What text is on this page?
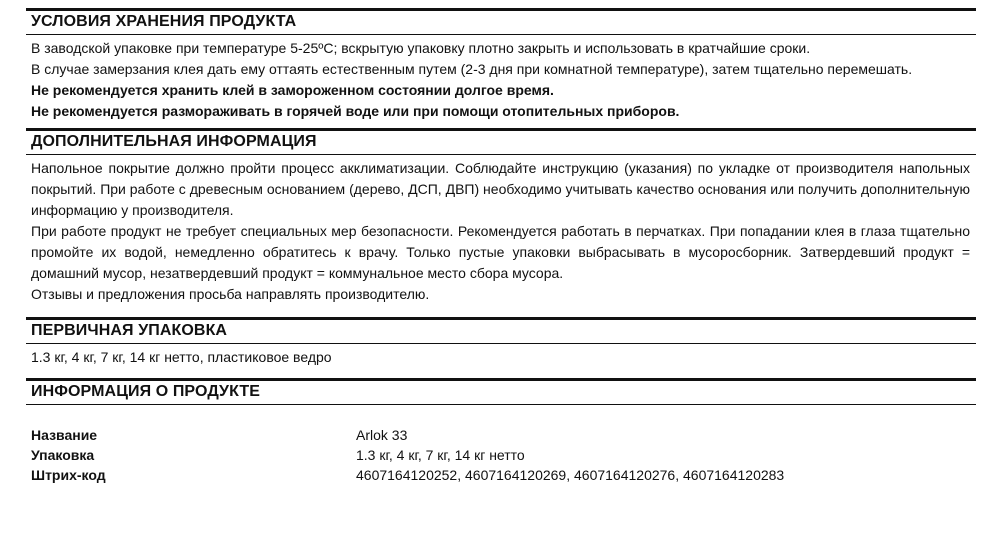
УСЛОВИЯ ХРАНЕНИЯ ПРОДУКТА

В заводской упаковке при температуре 5-25ºC; вскрытую упаковку плотно закрыть и использовать в кратчайшие сроки.

В случае замерзания клея дать ему оттаять естественным путем (2-3 дня при комнатной температуре), затем тщательно перемешать.

Не рекомендуется хранить клей в замороженном состоянии долгое время.

Не рекомендуется размораживать в горячей воде или при помощи отопительных приборов.

ДОПОЛНИТЕЛЬНАЯ ИНФОРМАЦИЯ

Напольное покрытие должно пройти процесс акклиматизации. Соблюдайте инструкцию (указания) по укладке от производителя напольных покрытий. При работе с древесным основанием (дерево, ДСП, ДВП) необходимо учитывать качество основания или получить дополнительную информацию у производителя.

При работе продукт не требует специальных мер безопасности. Рекомендуется работать в перчатках. При попадании клея в глаза тщательно промойте их водой, немедленно обратитесь к врачу. Только пустые упаковки выбрасывать в мусоросборник. Затвердевший продукт = домашний мусор, незатвердевший продукт = коммунальное место сбора мусора.

Отзывы и предложения просьба направлять производителю.

ПЕРВИЧНАЯ УПАКОВКА

1.3 кг, 4 кг, 7 кг, 14 кг нетто, пластиковое ведро

ИНФОРМАЦИЯ О ПРОДУКТЕ
Название	Arlok 33
Упаковка	1.3 кг, 4 кг, 7 кг, 14 кг нетто
Штрих-код	4607164120252, 4607164120269, 4607164120276, 4607164120283
